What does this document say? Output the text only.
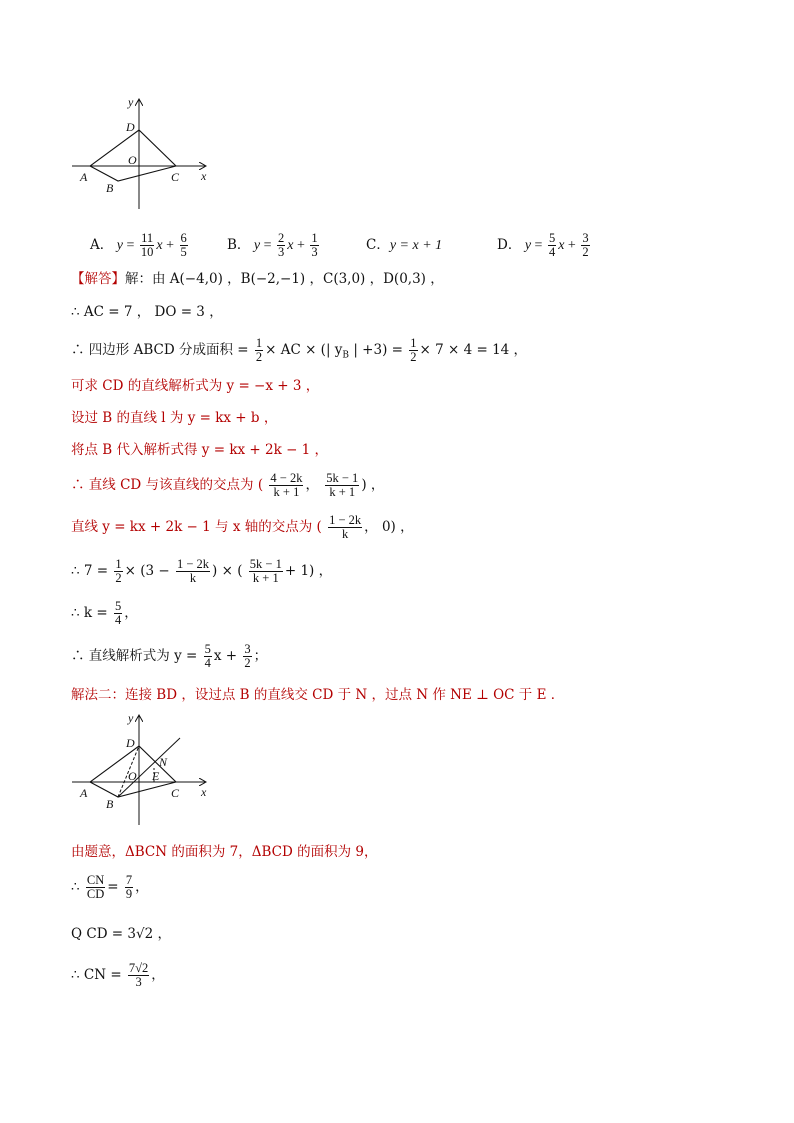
y
x
D
O
A
B
C
A． $y = \frac{11}{10}$ $x + \frac{6}{5}$	B． $y = \frac{2}{3}$ $x + \frac{1}{3}$	C．y = x + 1	D． $y = \frac{5}{4}$ $x + \frac{3}{2}$
【解答】解：由 A(−4,0) ，B(−2,−1) ，C(3,0) ，D(0,3) ，
∴ AC = 7 ， DO = 3 ，
∴ 四边形 ABCD 分成面积 = $\frac{1}{2}$ × AC × (| $y_B$ | $+3) = \frac{1}{2} \times 7 \times 4 = 14$ ，
可求 CD 的直线解析式为 y = −x + 3 ，
设过 B 的直线 l 为 y = kx + b ，
将点 B 代入解析式得 y = kx + 2k − 1 ，
∴ 直线 CD 与该直线的交点为 ( $\frac{4 - 2k}{k + 1}$ ， $\frac{5k - 1}{k + 1}$ ) ，
直线 y = kx + 2k − 1 与 x 轴的交点为 ( $\frac{1 - 2k}{k}$ ， 0) ，
∴ $7 = \frac{1}{2} \times (3 - \frac{1 - 2k}{k}$ ) × ( $\frac{5k - 1}{k + 1} + 1$) ，
∴ $k = \frac{5}{4}$ ，
∴ 直线解析式为 $y = \frac{5}{4}$ $x + \frac{3}{2}$ ；
解法二：连接 BD ，设过点 B 的直线交 CD 于 N ，过点 N 作 NE ⊥ OC 于 E ．
y
x
D
O
A
B
C
N
E
由题意，ΔBCN 的面积为 7，ΔBCD 的面积为 9，
∴ $\frac{CN}{CD} = \frac{7}{9}$ ，
Q CD = 3√2 ，
∴ CN = $\frac{7√2}{3}$ ，
